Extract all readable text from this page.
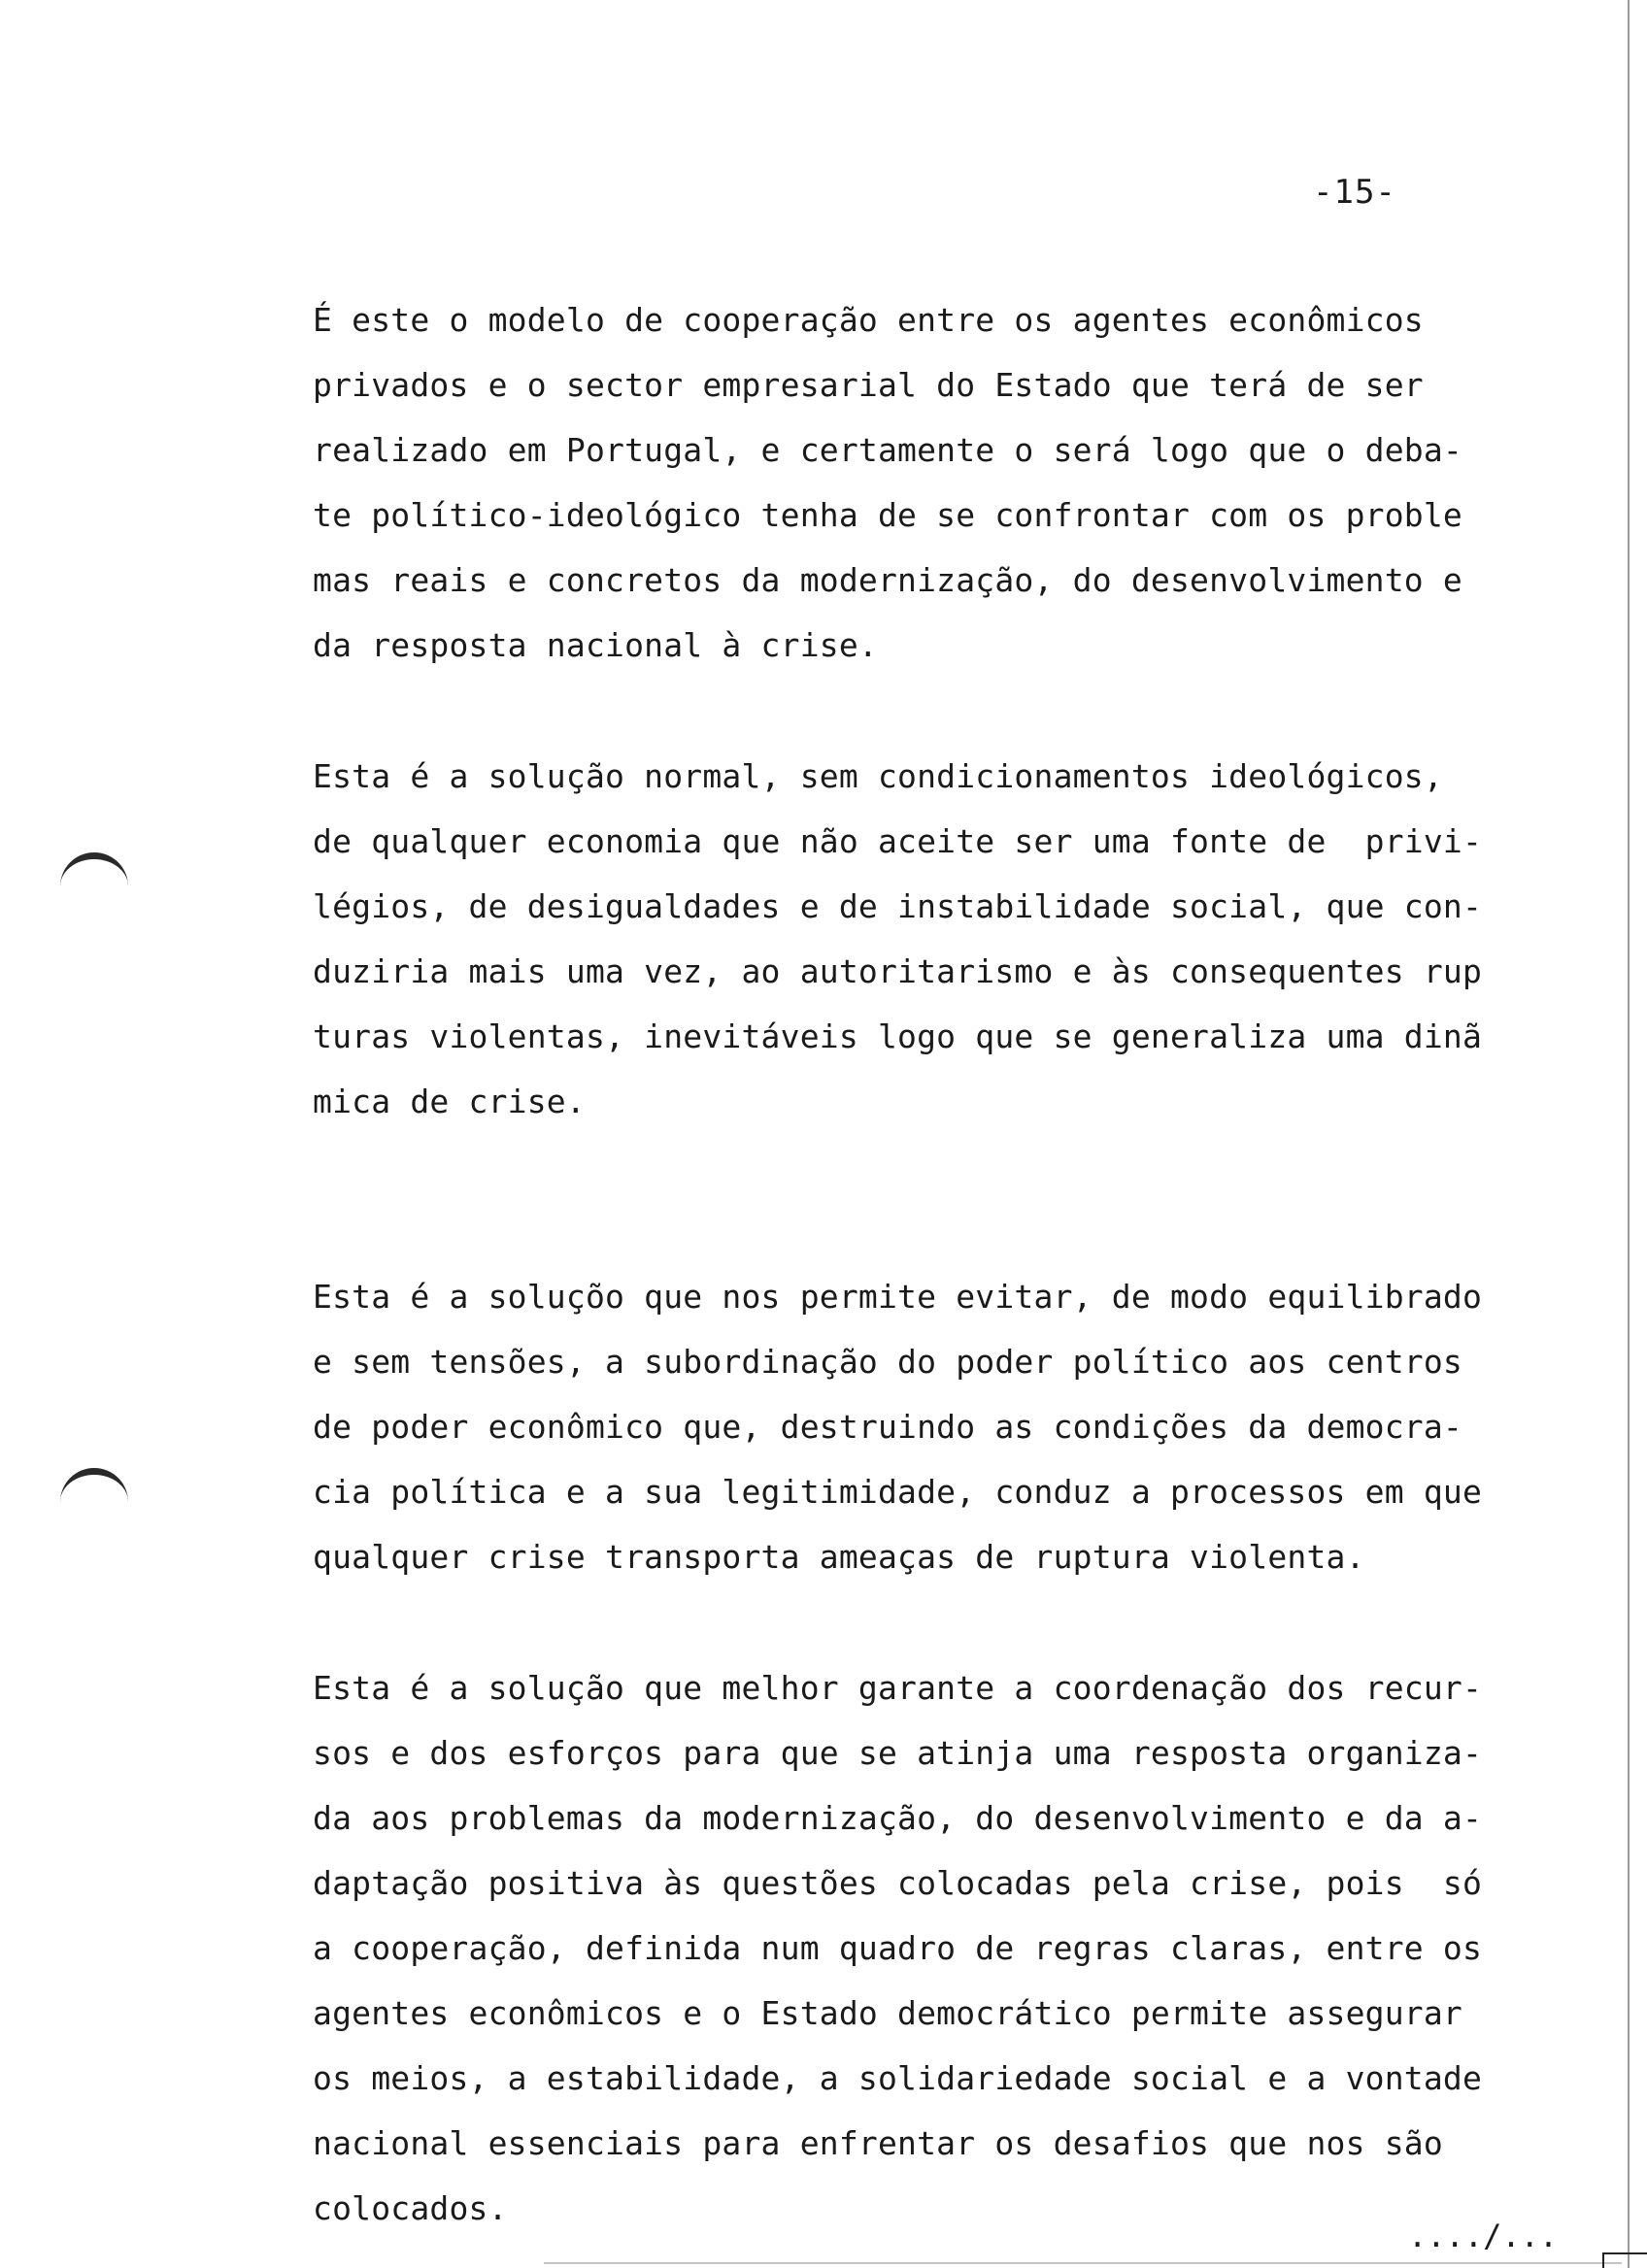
-15-
É este o modelo de cooperação entre os agentes econômicos
privados e o sector empresarial do Estado que terá de ser
realizado em Portugal, e certamente o será logo que o deba-
te político-ideológico tenha de se confrontar com os proble
mas reais e concretos da modernização, do desenvolvimento e
da resposta nacional à crise.
Esta é a solução normal, sem condicionamentos ideológicos,
de qualquer economia que não aceite ser uma fonte de  privi-
légios, de desigualdades e de instabilidade social, que con-
duziria mais uma vez, ao autoritarismo e às consequentes rup
turas violentas, inevitáveis logo que se generaliza uma dinã
mica de crise.
Esta é a soluçõo que nos permite evitar, de modo equilibrado
e sem tensões, a subordinação do poder político aos centros
de poder econômico que, destruindo as condições da democra-
cia política e a sua legitimidade, conduz a processos em que
qualquer crise transporta ameaças de ruptura violenta.
Esta é a solução que melhor garante a coordenação dos recur-
sos e dos esforços para que se atinja uma resposta organiza-
da aos problemas da modernização, do desenvolvimento e da a-
daptação positiva às questões colocadas pela crise, pois  só
a cooperação, definida num quadro de regras claras, entre os
agentes econômicos e o Estado democrático permite assegurar
os meios, a estabilidade, a solidariedade social e a vontade
nacional essenciais para enfrentar os desafios que nos são
colocados.
..../...
